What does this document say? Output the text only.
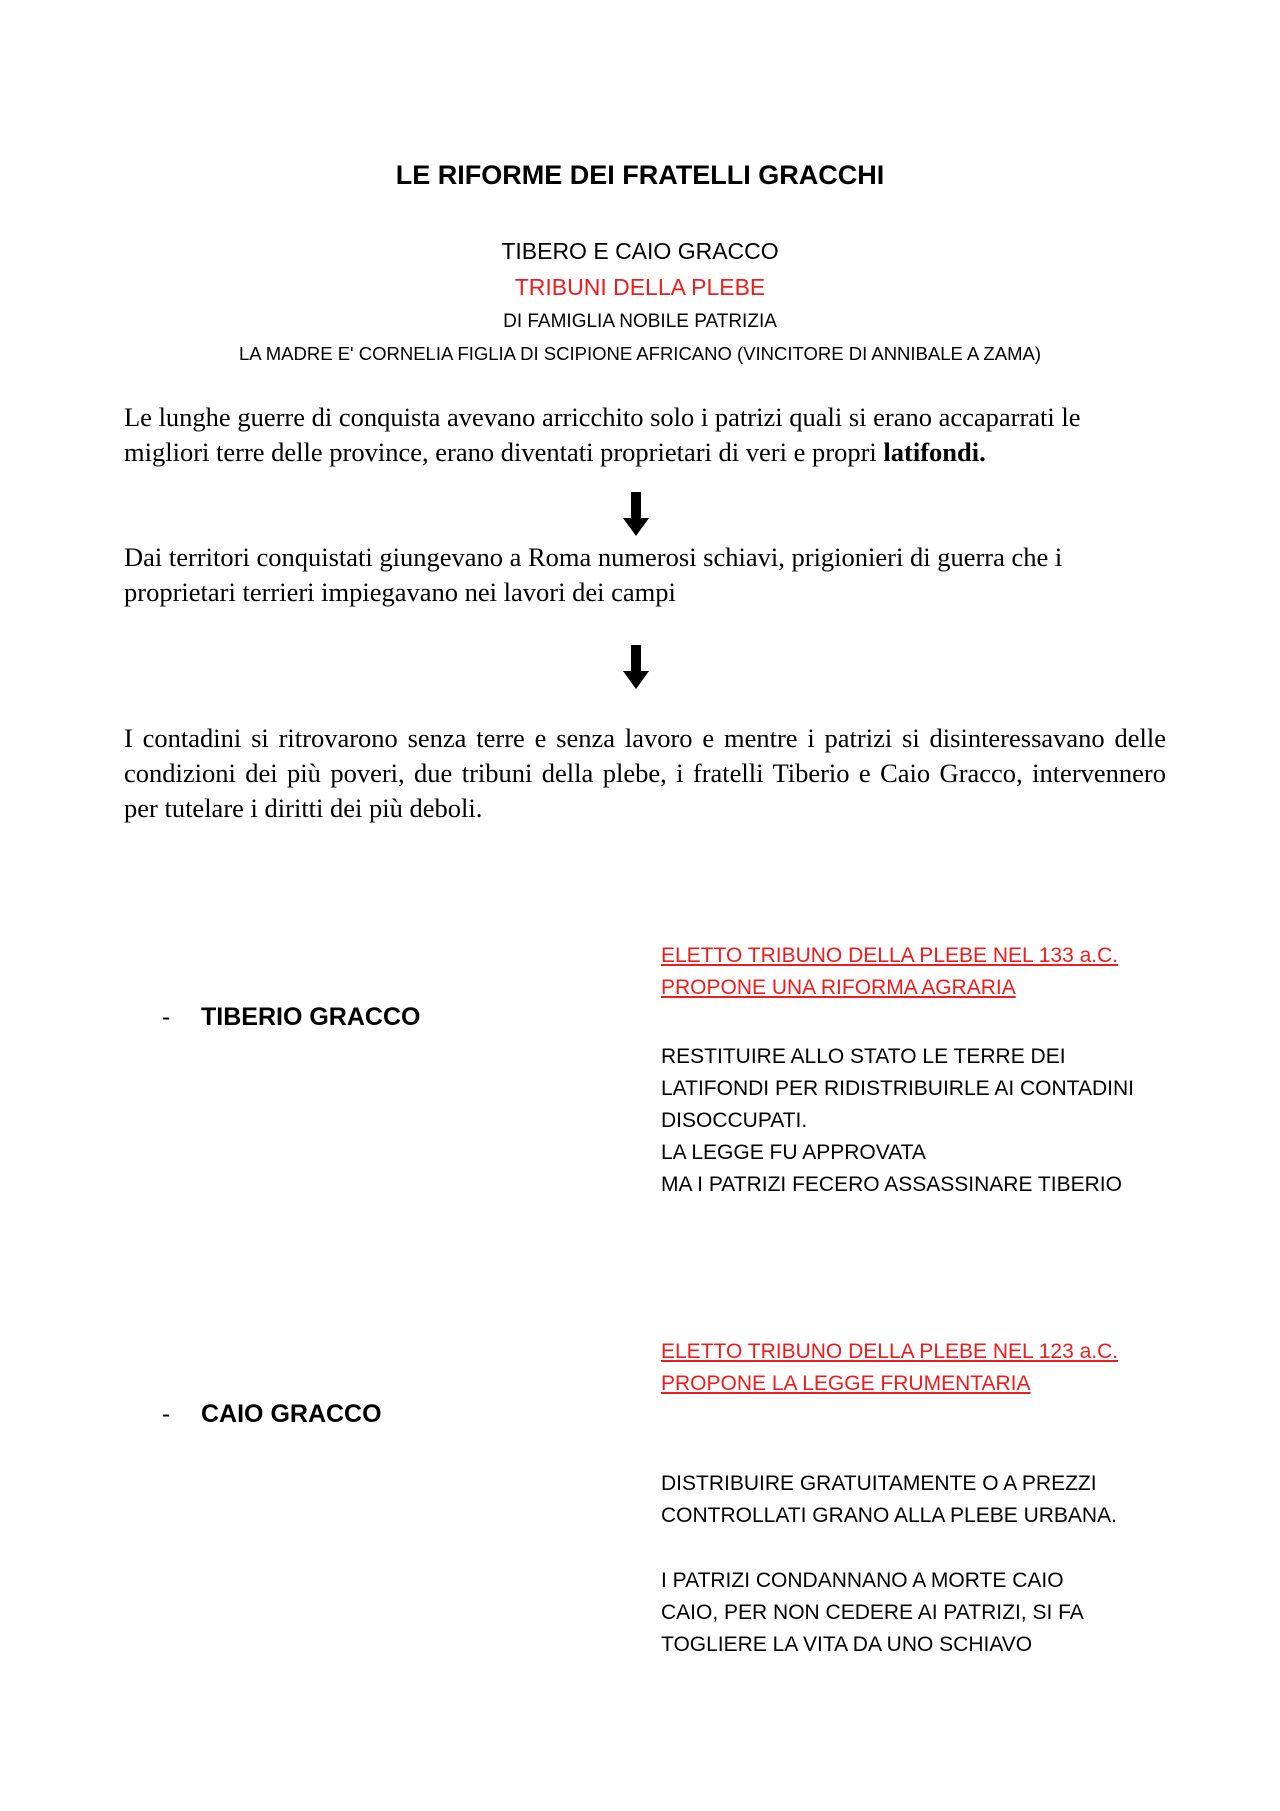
LE RIFORME DEI FRATELLI GRACCHI
TIBERO E CAIO GRACCO
TRIBUNI DELLA PLEBE
DI FAMIGLIA NOBILE PATRIZIA
LA MADRE E' CORNELIA FIGLIA DI SCIPIONE AFRICANO (VINCITORE DI ANNIBALE A ZAMA)
Le lunghe guerre di conquista avevano arricchito solo i patrizi quali si erano accaparrati le migliori terre delle province, erano diventati proprietari di veri e propri latifondi.
Dai territori conquistati giungevano a Roma numerosi schiavi, prigionieri di guerra che i proprietari terrieri impiegavano nei lavori dei campi
I contadini si ritrovarono senza terre e senza lavoro e mentre i patrizi si disinteressavano delle condizioni dei più poveri, due tribuni della plebe, i fratelli Tiberio e Caio Gracco, intervennero per tutelare i diritti dei più deboli.
- TIBERIO GRACCO
ELETTO TRIBUNO DELLA PLEBE NEL 133 a.C.
PROPONE UNA RIFORMA AGRARIA
RESTITUIRE ALLO STATO LE TERRE DEI
LATIFONDI PER RIDISTRIBUIRLE AI CONTADINI
DISOCCUPATI.
LA LEGGE FU APPROVATA
MA I PATRIZI FECERO ASSASSINARE TIBERIO
- CAIO GRACCO
ELETTO TRIBUNO DELLA PLEBE NEL 123 a.C.
PROPONE LA LEGGE FRUMENTARIA
DISTRIBUIRE GRATUITAMENTE O A PREZZI
CONTROLLATI GRANO ALLA PLEBE URBANA.
I PATRIZI CONDANNANO A MORTE CAIO
CAIO, PER NON CEDERE AI PATRIZI, SI FA
TOGLIERE LA VITA DA UNO SCHIAVO
